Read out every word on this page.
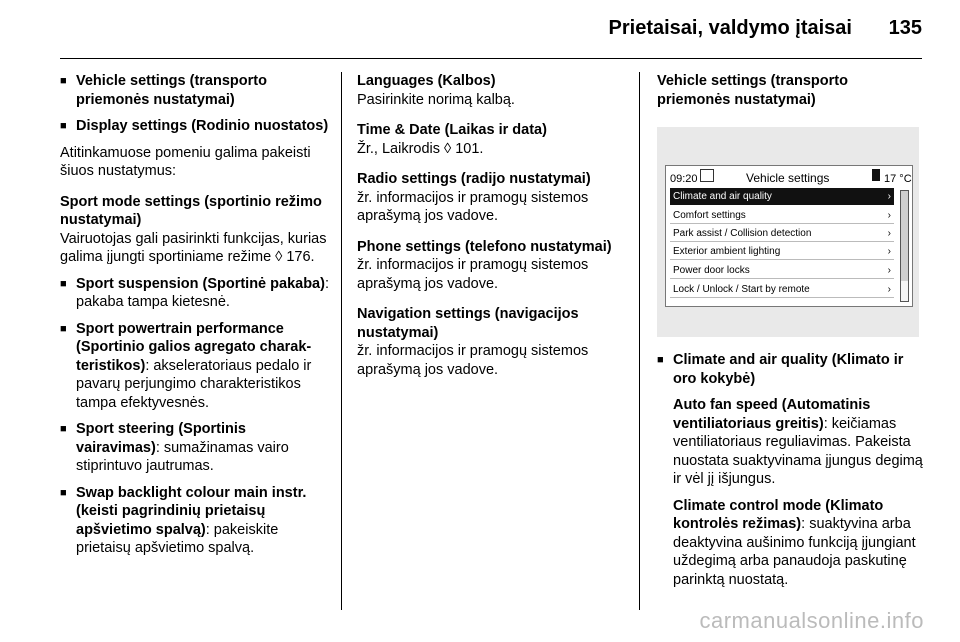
Prietaisai, valdymo įtaisai 135
■ Vehicle settings (transporto priemonės nustatymai)
■ Display settings (Rodinio nuostatos)

Atitinkamuose pomeniu galima pakeisti šiuos nustatymus:

Sport mode settings (sportinio režimo nustatymai)

Vairuotojas gali pasirinkti funkcijas, kurias galima įjungti sportiniame režime ◊ 176.

■ Sport suspension (Sportinė pakaba): pakaba tampa kietesnė.
■ Sport powertrain performance (Sportinio galios agregato charak-teristikos): akseleratoriaus pedalo ir pavarų perjungimo charakteristikos tampa efektyvesnės.
■ Sport steering (Sportinis vairavimas): sumažinamas vairo stiprintuvo jautrumas.
■ Swap backlight colour main instr. (keisti pagrindinių prietaisų apšvietimo spalvą): pakeiskite prietaisų apšvietimo spalvą.
Languages (Kalbos)

Pasirinkite norimą kalbą.

Time & Date (Laikas ir data)

Žr., Laikrodis ◊ 101.

Radio settings (radijo nustatymai)

žr. informacijos ir pramogų sistemos aprašymą jos vadove.

Phone settings (telefono nustatymai)

žr. informacijos ir pramogų sistemos aprašymą jos vadove.

Navigation settings (navigacijos nustatymai)

žr. informacijos ir pramogų sistemos aprašymą jos vadove.

Vehicle settings (transporto priemonės nustatymai)
09:20	Vehicle settings	17 °C
Climate and air quality	›
Comfort settings	›
Park assist / Collision detection	›
Exterior ambient lighting	›
Power door locks	›
Lock / Unlock / Start by remote	›
■ Climate and air quality (Klimato ir oro kokybė)
Auto fan speed (Automatinis ventiliatoriaus greitis): keičiamas ventiliatoriaus reguliavimas. Pakeista nuostata suaktyvinama įjungus degimą ir vėl jį išjungus.
Climate control mode (Klimato kontrolės režimas): suaktyvina arba deaktyvina aušinimo funkciją įjungiant uždegimą arba panaudoja paskutinę parinktą nuostatą.
carmanualsonline.info
